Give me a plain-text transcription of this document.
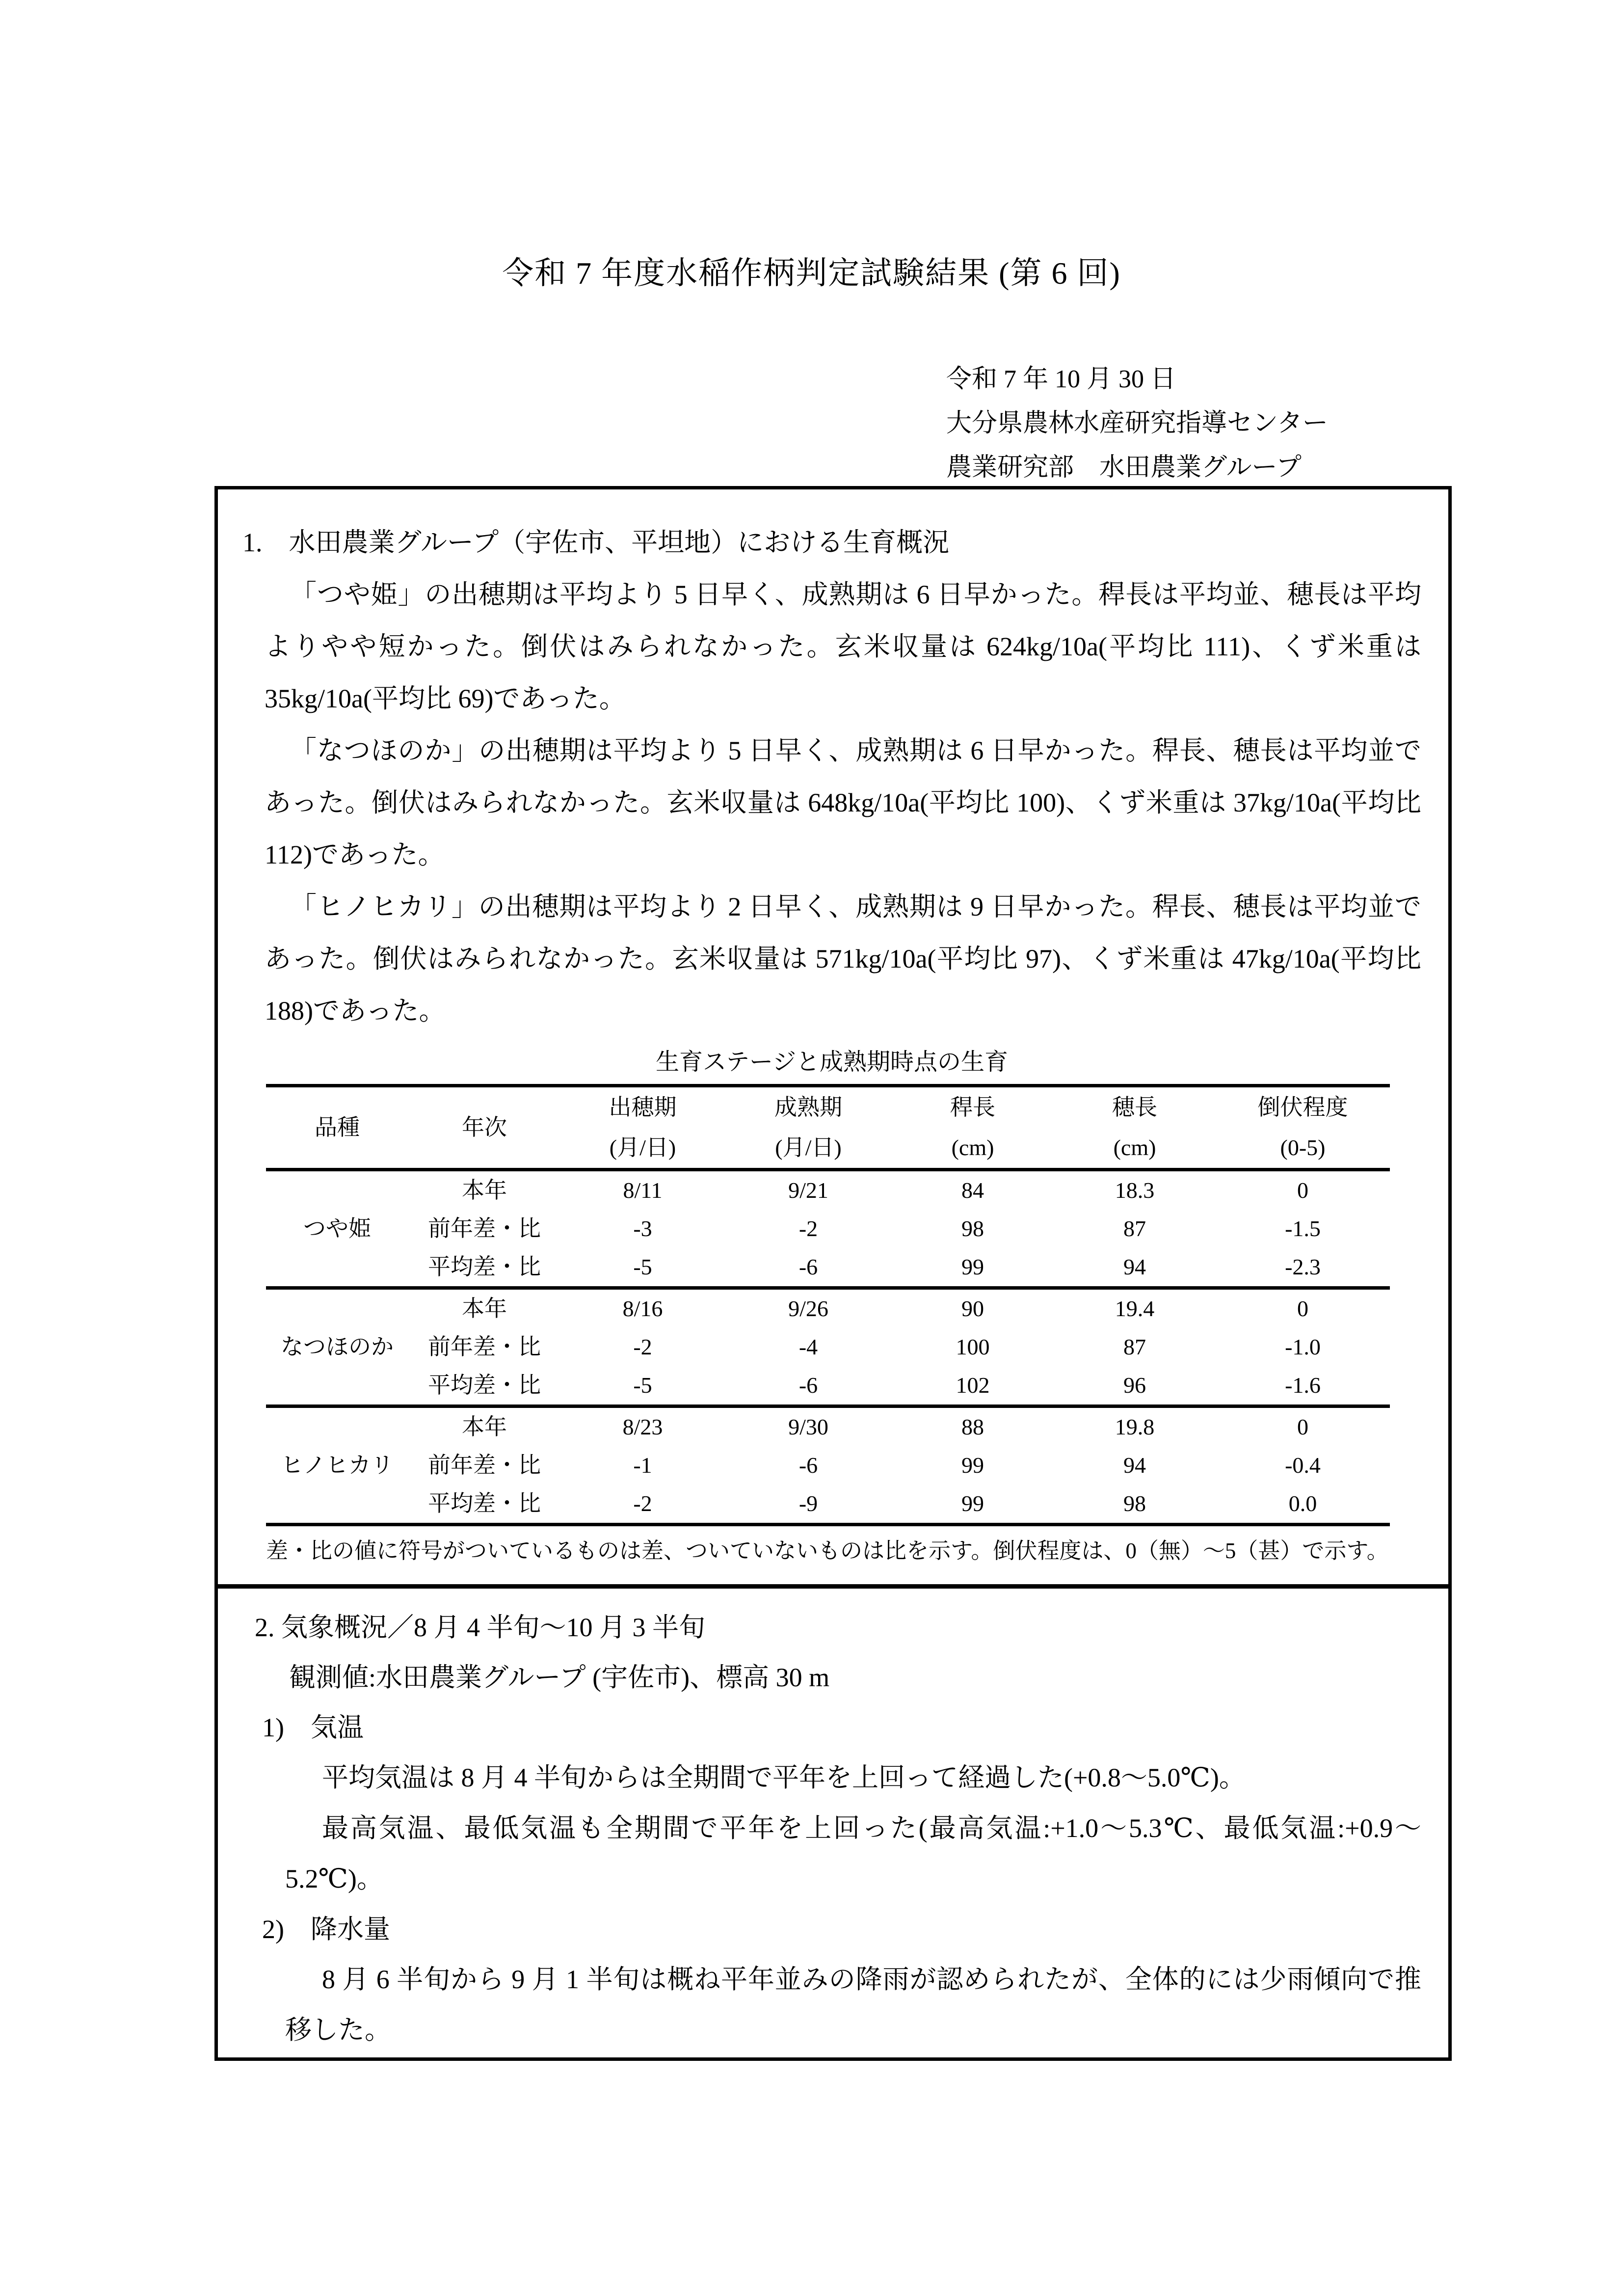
令和 7 年度水稲作柄判定試験結果 (第 6 回)
令和 7 年 10 月 30 日
大分県農林水産研究指導センター
農業研究部　水田農業グループ
1.　水田農業グループ（宇佐市、平坦地）における生育概況

「つや姫」の出穂期は平均より 5 日早く、成熟期は 6 日早かった。稈長は平均並、穂長は平均よりやや短かった。倒伏はみられなかった。玄米収量は 624kg/10a(平均比 111)、くず米重は 35kg/10a(平均比 69)であった。

「なつほのか」の出穂期は平均より 5 日早く、成熟期は 6 日早かった。稈長、穂長は平均並であった。倒伏はみられなかった。玄米収量は 648kg/10a(平均比 100)、くず米重は 37kg/10a(平均比 112)であった。

「ヒノヒカリ」の出穂期は平均より 2 日早く、成熟期は 9 日早かった。稈長、穂長は平均並であった。倒伏はみられなかった。玄米収量は 571kg/10a(平均比 97)、くず米重は 47kg/10a(平均比 188)であった。

生育ステージと成熟期時点の生育
品種	年次	出穂期	成熟期	稈長	穂長	倒伏程度
		(月/日)	(月/日)	(cm)	(cm)	(0-5)
つや姫	本年	8/11	9/21	84	18.3	0
	前年差・比	-3	-2	98	87	-1.5
	平均差・比	-5	-6	99	94	-2.3
なつほのか	本年	8/16	9/26	90	19.4	0
	前年差・比	-2	-4	100	87	-1.0
	平均差・比	-5	-6	102	96	-1.6
ヒノヒカリ	本年	8/23	9/30	88	19.8	0
	前年差・比	-1	-6	99	94	-0.4
	平均差・比	-2	-9	99	98	0.0
差・比の値に符号がついているものは差、ついていないものは比を示す。倒伏程度は、0（無）～5（甚）で示す。
2. 気象概況／8 月 4 半旬～10 月 3 半旬
観測値:水田農業グループ (宇佐市)、標高 30 m
1)　気温

平均気温は 8 月 4 半旬からは全期間で平年を上回って経過した(+0.8～5.0℃)。

最高気温、最低気温も全期間で平年を上回った(最高気温:+1.0～5.3℃、最低気温:+0.9～5.2℃)。

2)　降水量

8 月 6 半旬から 9 月 1 半旬は概ね平年並みの降雨が認められたが、全体的には少雨傾向で推移した。
